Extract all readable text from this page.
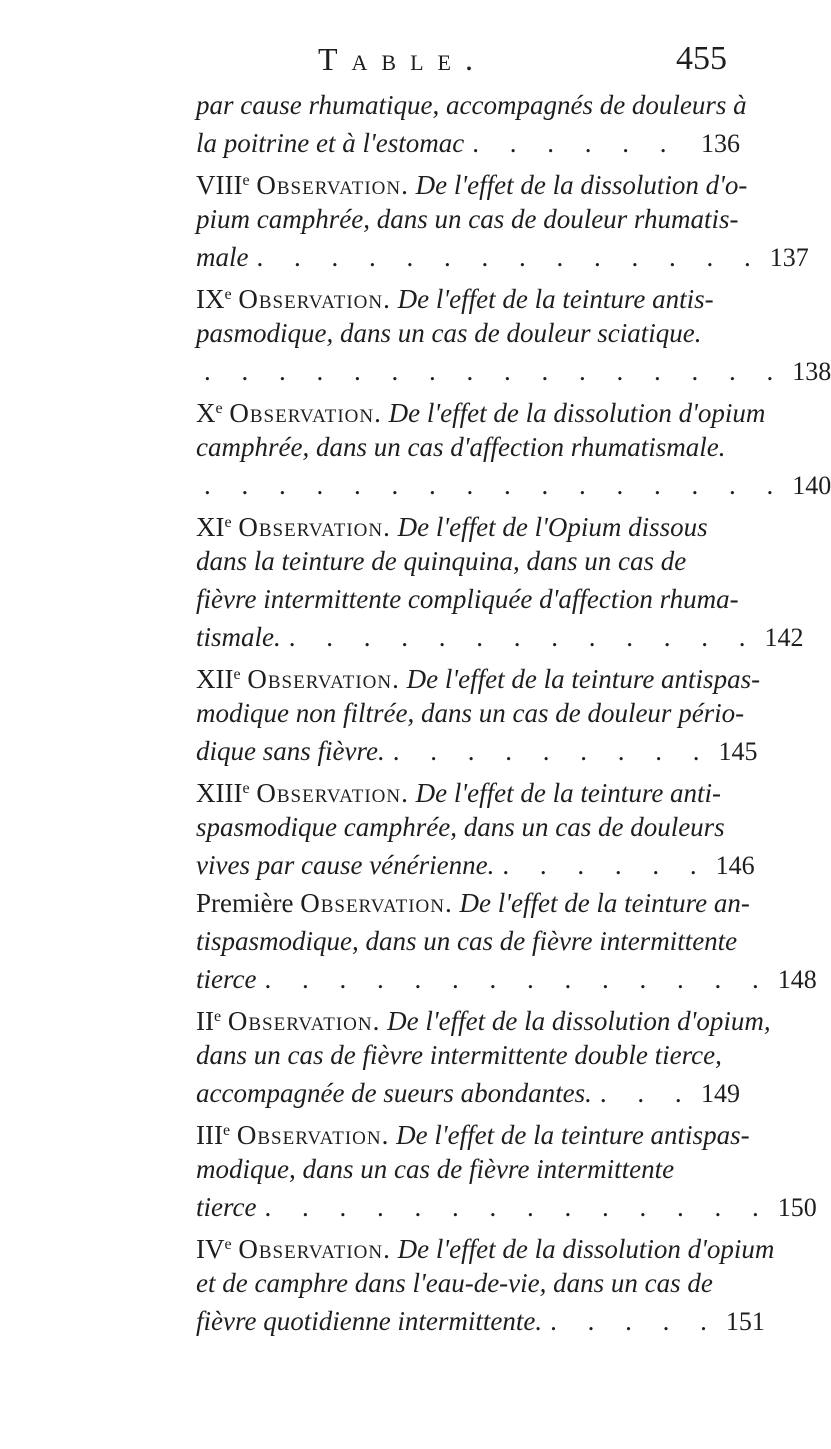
Table.	455
par cause rhumatique, accompagnés de douleurs à
la poitrine et à l'estomac . . . . . . 136
VIIIe Observation. De l'effet de la dissolution d'o-
pium camphrée, dans un cas de douleur rhumatis-
male . . . . . . . . . . . . . . 137
IXe Observation. De l'effet de la teinture antis-
pasmodique, dans un cas de douleur sciatique.
. . . . . . . . . . . . . . . . 138
Xe Observation. De l'effet de la dissolution d'opium
camphrée, dans un cas d'affection rhumatismale.
. . . . . . . . . . . . . . . . 140
XIe Observation. De l'effet de l'Opium dissous
dans la teinture de quinquina, dans un cas de
fièvre intermittente compliquée d'affection rhuma-
tismale. . . . . . . . . . . . . . 142
XIIe Observation. De l'effet de la teinture antispas-
modique non filtrée, dans un cas de douleur pério-
dique sans fièvre. . . . . . . . . . 145
XIIIe Observation. De l'effet de la teinture anti-
spasmodique camphrée, dans un cas de douleurs
vives par cause vénérienne. . . . . . . 146
Première Observation. De l'effet de la teinture an-
tispasmodique, dans un cas de fièvre intermittente
tierce . . . . . . . . . . . . . . 148
IIe Observation. De l'effet de la dissolution d'opium,
dans un cas de fièvre intermittente double tierce,
accompagnée de sueurs abondantes. . . . 149
IIIe Observation. De l'effet de la teinture antispas-
modique, dans un cas de fièvre intermittente
tierce . . . . . . . . . . . . . . 150
IVe Observation. De l'effet de la dissolution d'opium
et de camphre dans l'eau-de-vie, dans un cas de
fièvre quotidienne intermittente. . . . . . 151
